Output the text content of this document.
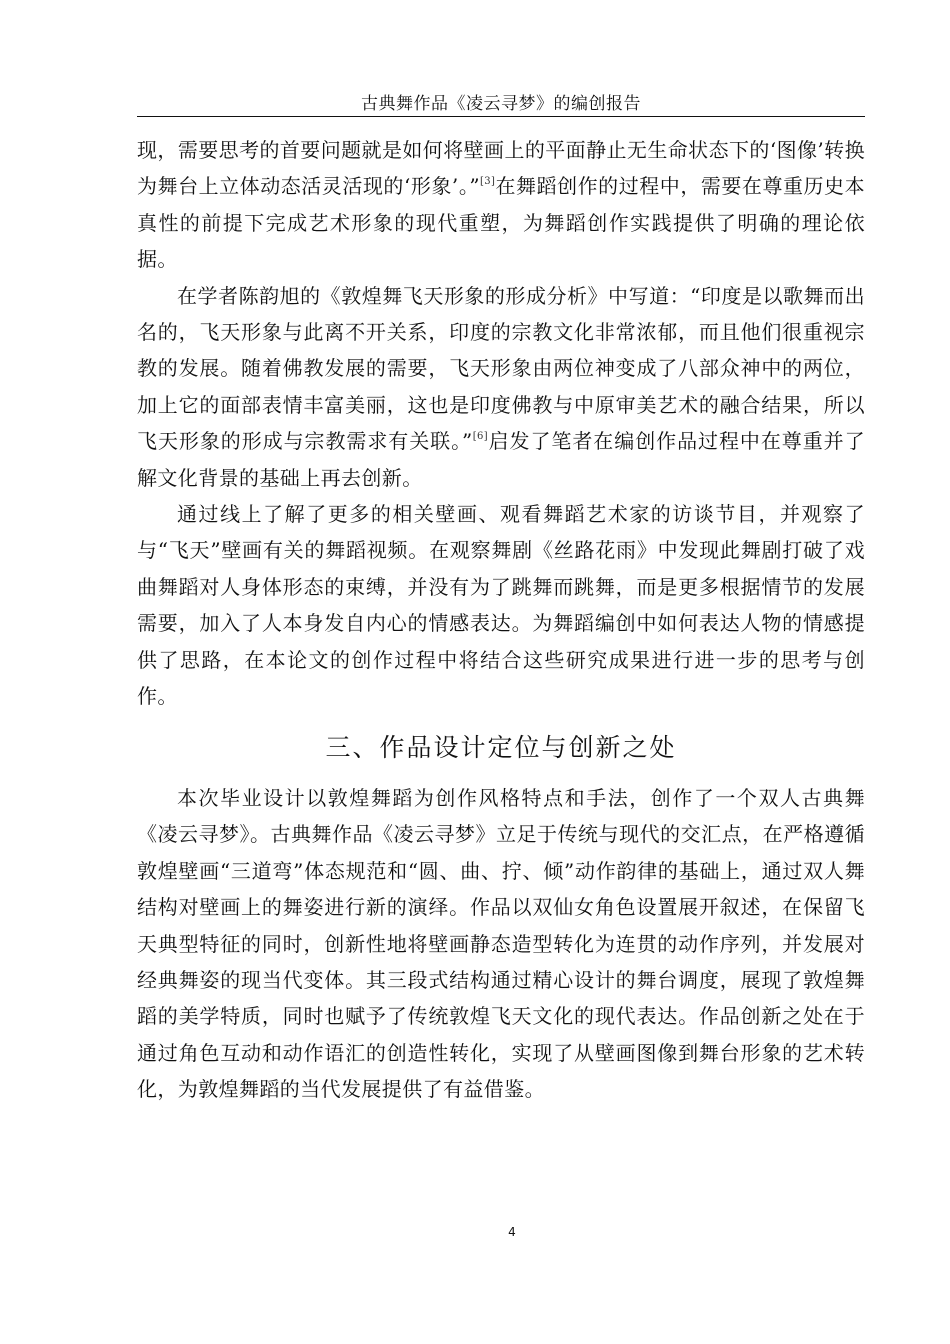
古典舞作品《凌云寻梦》的编创报告

现，需要思考的首要问题就是如何将壁画上的平面静止无生命状态下的‘图像’转换为舞台上立体动态活灵活现的‘形象’。”[3]在舞蹈创作的过程中，需要在尊重历史本真性的前提下完成艺术形象的现代重塑，为舞蹈创作实践提供了明确的理论依据。

在学者陈韵旭的《敦煌舞飞天形象的形成分析》中写道：“印度是以歌舞而出名的，飞天形象与此离不开关系，印度的宗教文化非常浓郁，而且他们很重视宗教的发展。随着佛教发展的需要，飞天形象由两位神变成了八部众神中的两位，加上它的面部表情丰富美丽，这也是印度佛教与中原审美艺术的融合结果，所以飞天形象的形成与宗教需求有关联。”[6]启发了笔者在编创作品过程中在尊重并了解文化背景的基础上再去创新。

通过线上了解了更多的相关壁画、观看舞蹈艺术家的访谈节目，并观察了与“飞天”壁画有关的舞蹈视频。在观察舞剧《丝路花雨》中发现此舞剧打破了戏曲舞蹈对人身体形态的束缚，并没有为了跳舞而跳舞，而是更多根据情节的发展需要，加入了人本身发自内心的情感表达。为舞蹈编创中如何表达人物的情感提供了思路，在本论文的创作过程中将结合这些研究成果进行进一步的思考与创作。

三、作品设计定位与创新之处

本次毕业设计以敦煌舞蹈为创作风格特点和手法，创作了一个双人古典舞《凌云寻梦》。古典舞作品《凌云寻梦》立足于传统与现代的交汇点，在严格遵循敦煌壁画“三道弯”体态规范和“圆、曲、拧、倾”动作韵律的基础上，通过双人舞结构对壁画上的舞姿进行新的演绎。作品以双仙女角色设置展开叙述，在保留飞天典型特征的同时，创新性地将壁画静态造型转化为连贯的动作序列，并发展对经典舞姿的现当代变体。其三段式结构通过精心设计的舞台调度，展现了敦煌舞蹈的美学特质，同时也赋予了传统敦煌飞天文化的现代表达。作品创新之处在于通过角色互动和动作语汇的创造性转化，实现了从壁画图像到舞台形象的艺术转化，为敦煌舞蹈的当代发展提供了有益借鉴。

4
